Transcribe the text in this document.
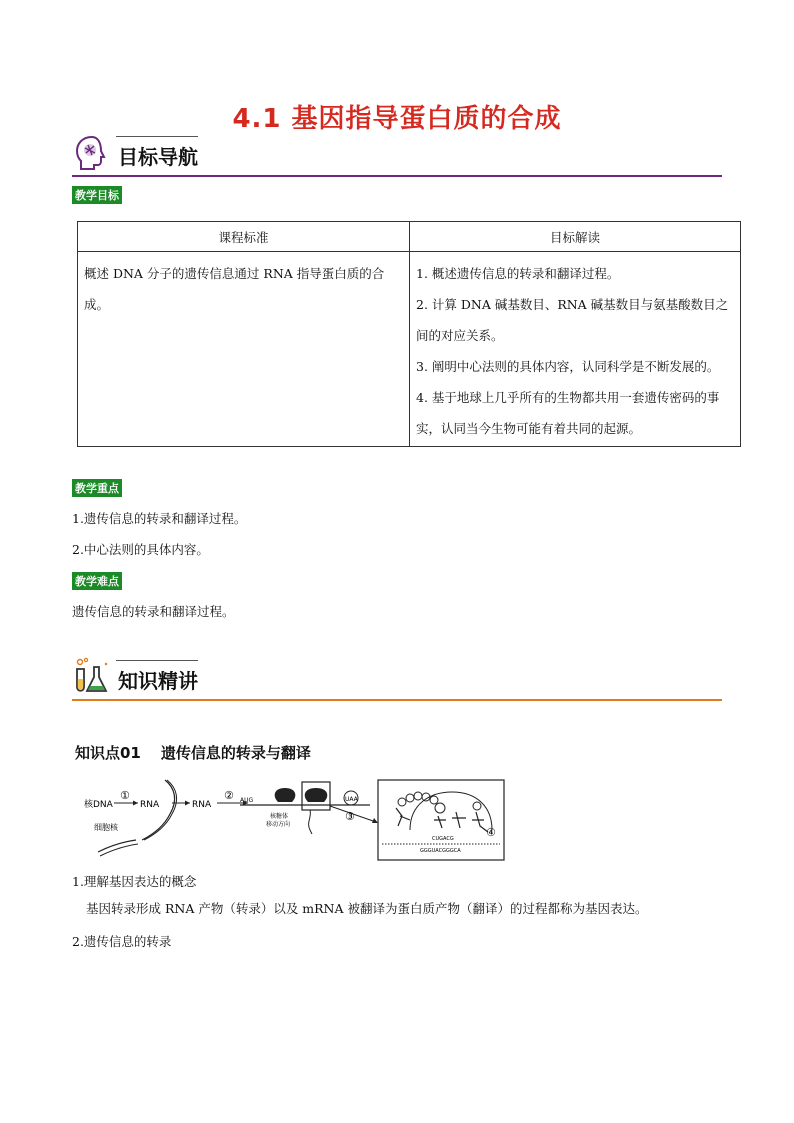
4.1 基因指导蛋白质的合成
目标导航
教学目标
课程标准	目标解读

概述 DNA 分子的遗传信息通过 RNA 指导蛋白质的合成。	1. 概述遗传信息的转录和翻译过程。
2. 计算 DNA 碱基数目、RNA 碱基数目与氨基酸数目之间的对应关系。
3. 阐明中心法则的具体内容，认同科学是不断发展的。
4. 基于地球上几乎所有的生物都共用一套遗传密码的事实，认同当今生物可能有着共同的起源。
教学重点
1.遗传信息的转录和翻译过程。
2.中心法则的具体内容。
教学难点
遗传信息的转录和翻译过程。
知识精讲
知识点01 遗传信息的转录与翻译
核DNA
①
RNA
细胞核
RNA
② AUG	UAA
③
核糖体
移动方向
④
CUGACG
GGGUACGGGCA
1.理解基因表达的概念
基因转录形成 RNA 产物（转录）以及 mRNA 被翻译为蛋白质产物（翻译）的过程都称为基因表达。
2.遗传信息的转录
